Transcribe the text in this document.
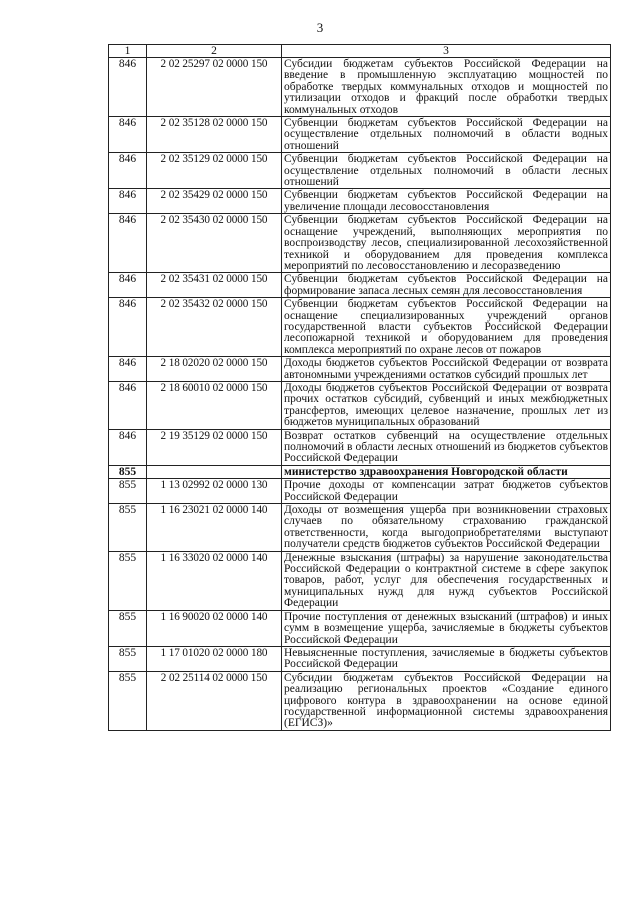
3
1	2	3
846	2 02 25297 02 0000 150	Субсидии бюджетам субъектов Российской Федерации на введение в промышленную эксплуатацию мощностей по обработке твердых коммунальных отходов и мощностей по утилизации отходов и фракций после обработки твердых коммунальных отходов
846	2 02 35128 02 0000 150	Субвенции бюджетам субъектов Российской Федерации на осуществление отдельных полномочий в области водных отношений
846	2 02 35129 02 0000 150	Субвенции бюджетам субъектов Российской Федерации на осуществление отдельных полномочий в области лесных отношений
846	2 02 35429 02 0000 150	Субвенции бюджетам субъектов Российской Федерации на увеличение площади лесовосстановления
846	2 02 35430 02 0000 150	Субвенции бюджетам субъектов Российской Федерации на оснащение учреждений, выполняющих мероприятия по воспроизводству лесов, специализированной лесохозяйственной техникой и оборудованием для проведения комплекса мероприятий по лесовосстановлению и лесоразведению
846	2 02 35431 02 0000 150	Субвенции бюджетам субъектов Российской Федерации на формирование запаса лесных семян для лесовосстановления
846	2 02 35432 02 0000 150	Субвенции бюджетам субъектов Российской Федерации на оснащение специализированных учреждений органов государственной власти субъектов Российской Федерации лесопожарной техникой и оборудованием для проведения комплекса мероприятий по охране лесов от пожаров
846	2 18 02020 02 0000 150	Доходы бюджетов субъектов Российской Федерации от возврата автономными учреждениями остатков субсидий прошлых лет
846	2 18 60010 02 0000 150	Доходы бюджетов субъектов Российской Федерации от возврата прочих остатков субсидий, субвенций и иных межбюджетных трансфертов, имеющих целевое назначение, прошлых лет из бюджетов муниципальных образований
846	2 19 35129 02 0000 150	Возврат остатков субвенций на осуществление отдельных полномочий в области лесных отношений из бюджетов субъектов Российской Федерации
855		министерство здравоохранения Новгородской области
855	1 13 02992 02 0000 130	Прочие доходы от компенсации затрат бюджетов субъектов Российской Федерации
855	1 16 23021 02 0000 140	Доходы от возмещения ущерба при возникновении страховых случаев по обязательному страхованию гражданской ответственности, когда выгодоприобретателями выступают получатели средств бюджетов субъектов Российской Федерации
855	1 16 33020 02 0000 140	Денежные взыскания (штрафы) за нарушение законодательства Российской Федерации о контрактной системе в сфере закупок товаров, работ, услуг для обеспечения государственных и муниципальных нужд для нужд субъектов Российской Федерации
855	1 16 90020 02 0000 140	Прочие поступления от денежных взысканий (штрафов) и иных сумм в возмещение ущерба, зачисляемые в бюджеты субъектов Российской Федерации
855	1 17 01020 02 0000 180	Невыясненные поступления, зачисляемые в бюджеты субъектов Российской Федерации
855	2 02 25114 02 0000 150	Субсидии бюджетам субъектов Российской Федерации на реализацию региональных проектов «Создание единого цифрового контура в здравоохранении на основе единой государственной информационной системы здравоохранения (ЕГИСЗ)»
